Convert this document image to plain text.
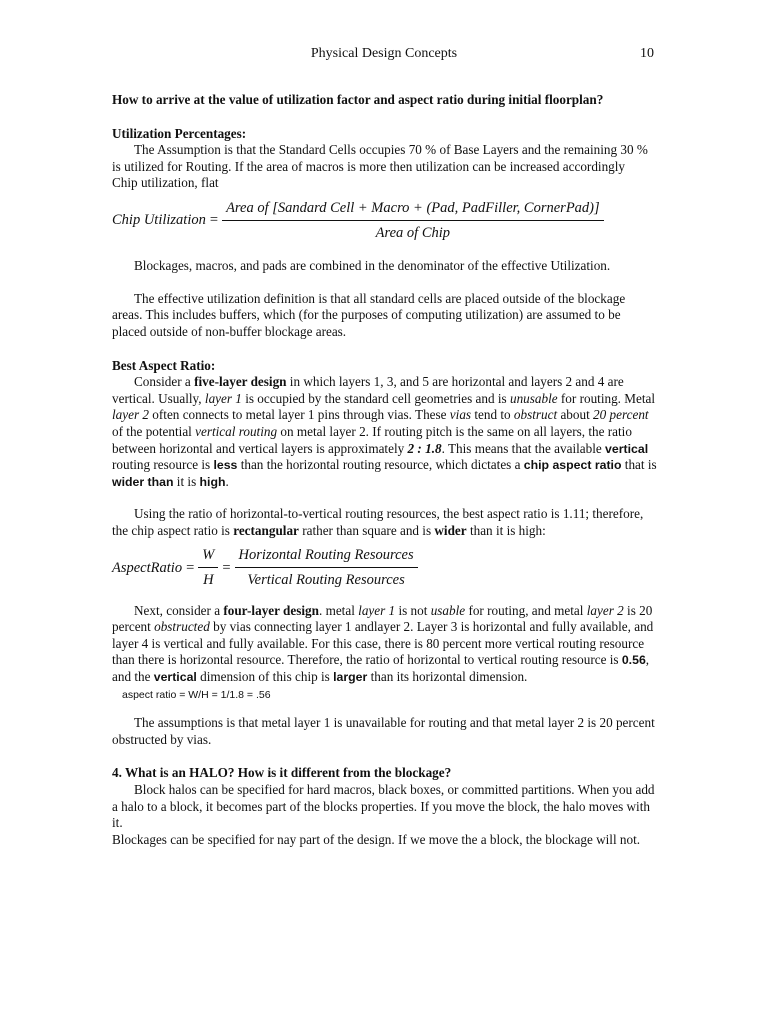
Physical Design Concepts	10

How to arrive at the value of utilization factor and aspect ratio during initial floorplan?

Utilization Percentages:

The Assumption is that the Standard Cells occupies 70 % of Base Layers and the remaining 30 % is utilized for Routing. If the area of macros is more then utilization can be increased accordingly

Chip utilization, flat

Chip Utilization = $\frac{\text{Area of [Sandard Cell + Macro + (Pad, PadFiller, CornerPad)]}}{\text{Area of Chip}}$

Blockages, macros, and pads are combined in the denominator of the effective Utilization.

The effective utilization definition is that all standard cells are placed outside of the blockage areas. This includes buffers, which (for the purposes of computing utilization) are assumed to be placed outside of non-buffer blockage areas.

Best Aspect Ratio:

Consider a five-layer design in which layers 1, 3, and 5 are horizontal and layers 2 and 4 are vertical. Usually, layer 1 is occupied by the standard cell geometries and is unusable for routing. Metal layer 2 often connects to metal layer 1 pins through vias. These vias tend to obstruct about 20 percent of the potential vertical routing on metal layer 2. If routing pitch is the same on all layers, the ratio between horizontal and vertical layers is approximately 2 : 1.8. This means that the available vertical routing resource is less than the horizontal routing resource, which dictates a chip aspect ratio that is wider than it is high.

Using the ratio of horizontal-to-vertical routing resources, the best aspect ratio is 1.11; therefore, the chip aspect ratio is rectangular rather than square and is wider than it is high:

AspectRatio = $\frac{W}{H} = \frac{\text{Horizontal Routing Resources}}{\text{Vertical Routing Resources}}$

Next, consider a four-layer design. metal layer 1 is not usable for routing, and metal layer 2 is 20 percent obstructed by vias connecting layer 1 andlayer 2. Layer 3 is horizontal and fully available, and layer 4 is vertical and fully available. For this case, there is 80 percent more vertical routing resource than there is horizontal resource. Therefore, the ratio of horizontal to vertical routing resource is 0.56, and the vertical dimension of this chip is larger than its horizontal dimension.

aspect ratio = W/H = 1/1.8 = .56

The assumptions is that metal layer 1 is unavailable for routing and that metal layer 2 is 20 percent obstructed by vias.

4. What is an HALO? How is it different from the blockage?

Block halos can be specified for hard macros, black boxes, or committed partitions. When you add a halo to a block, it becomes part of the blocks properties. If you move the block, the halo moves with it.

Blockages can be specified for nay part of the design. If we move the a block, the blockage will not.
